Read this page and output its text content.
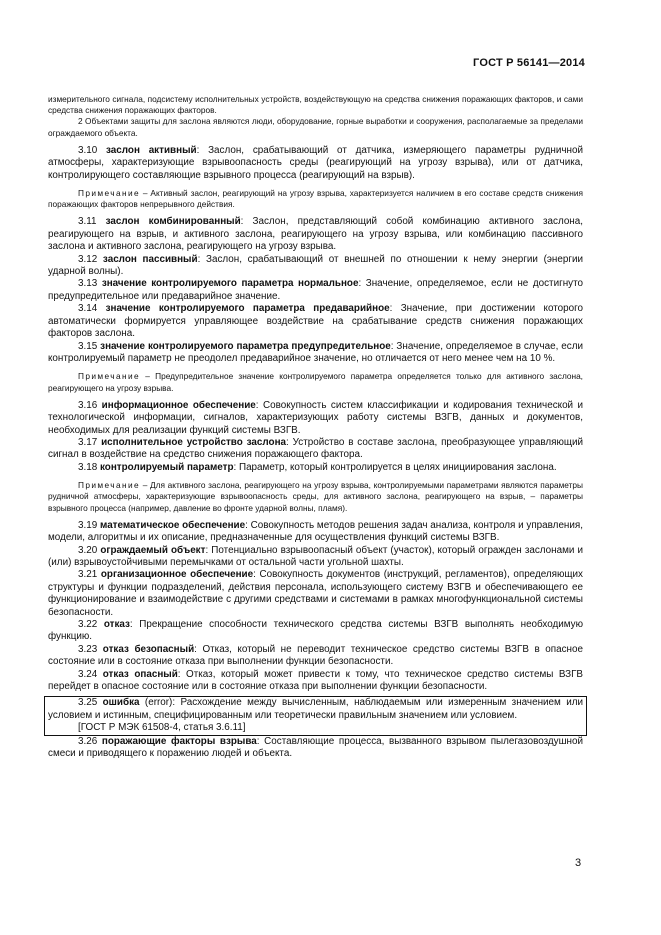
ГОСТ Р 56141—2014

измерительного сигнала, подсистему исполнительных устройств, воздействующую на средства снижения поражающих факторов, и сами средства снижения поражающих факторов.

2 Объектами защиты для заслона являются люди, оборудование, горные выработки и сооружения, располагаемые за пределами ограждаемого объекта.

3.10 заслон активный: Заслон, срабатывающий от датчика, измеряющего параметры рудничной атмосферы, характеризующие взрывоопасность среды (реагирующий на угрозу взрыва), или от датчика, контролирующего составляющие взрывного процесса (реагирующий на взрыв).

Примечание – Активный заслон, реагирующий на угрозу взрыва, характеризуется наличием в его составе средств снижения поражающих факторов непрерывного действия.

3.11 заслон комбинированный: Заслон, представляющий собой комбинацию активного заслона, реагирующего на взрыв, и активного заслона, реагирующего на угрозу взрыва, или комбинацию пассивного заслона и активного заслона, реагирующего на угрозу взрыва.

3.12 заслон пассивный: Заслон, срабатывающий от внешней по отношении к нему энергии (энергии ударной волны).

3.13 значение контролируемого параметра нормальное: Значение, определяемое, если не достигнуто предупредительное или предаварийное значение.

3.14 значение контролируемого параметра предаварийное: Значение, при достижении которого автоматически формируется управляющее воздействие на срабатывание средств снижения поражающих факторов заслона.

3.15 значение контролируемого параметра предупредительное: Значение, определяемое в случае, если контролируемый параметр не преодолел предаварийное значение, но отличается от него менее чем на 10 %.

Примечание – Предупредительное значение контролируемого параметра определяется только для активного заслона, реагирующего на угрозу взрыва.

3.16 информационное обеспечение: Совокупность систем классификации и кодирования технической и технологической информации, сигналов, характеризующих работу системы ВЗГВ, данных и документов, необходимых для реализации функций системы ВЗГВ.

3.17 исполнительное устройство заслона: Устройство в составе заслона, преобразующее управляющий сигнал в воздействие на средство снижения поражающего фактора.

3.18 контролируемый параметр: Параметр, который контролируется в целях инициирования заслона.

Примечание – Для активного заслона, реагирующего на угрозу взрыва, контролируемыми параметрами являются параметры рудничной атмосферы, характеризующие взрывоопасность среды, для активного заслона, реагирующего на взрыв, – параметры взрывного процесса (например, давление во фронте ударной волны, пламя).

3.19 математическое обеспечение: Совокупность методов решения задач анализа, контроля и управления, модели, алгоритмы и их описание, предназначенные для осуществления функций системы ВЗГВ.

3.20 ограждаемый объект: Потенциально взрывоопасный объект (участок), который огражден заслонами и (или) взрывоустойчивыми перемычками от остальной части угольной шахты.

3.21 организационное обеспечение: Совокупность документов (инструкций, регламентов), определяющих структуры и функции подразделений, действия персонала, использующего систему ВЗГВ и обеспечивающего ее функционирование и взаимодействие с другими средствами и системами в рамках многофункциональной системы безопасности.

3.22 отказ: Прекращение способности технического средства системы ВЗГВ выполнять необходимую функцию.

3.23 отказ безопасный: Отказ, который не переводит техническое средство системы ВЗГВ в опасное состояние или в состояние отказа при выполнении функции безопасности.

3.24 отказ опасный: Отказ, который может привести к тому, что техническое средство системы ВЗГВ перейдет в опасное состояние или в состояние отказа при выполнении функции безопасности.

3.25 ошибка (error): Расхождение между вычисленным, наблюдаемым или измеренным значением или условием и истинным, специфицированным или теоретически правильным значением или условием.

[ГОСТ Р МЭК 61508-4, статья 3.6.11]

3.26 поражающие факторы взрыва: Составляющие процесса, вызванного взрывом пылегазовоздушной смеси и приводящего к поражению людей и объекта.

3
